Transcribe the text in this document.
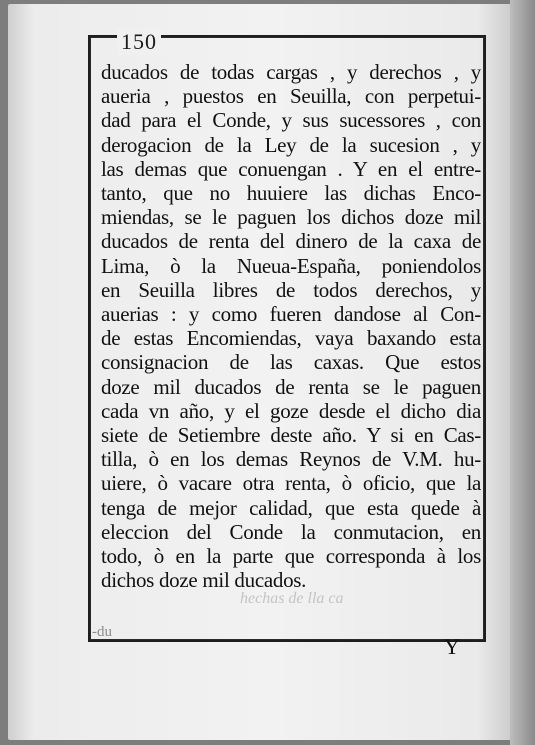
150
ducados de todas cargas , y derechos , y
aueria , puestos en Seuilla, con perpetui-
dad para el Conde, y sus sucessores , con
derogacion de la Ley de la sucesion , y
las demas que conuengan . Y en el entre-
tanto, que no huuiere las dichas Enco-
miendas, se le paguen los dichos doze mil
ducados de renta del dinero de la caxa de
Lima, ò la Nueua-España, poniendolos
en Seuilla libres de todos derechos, y
auerias : y como fueren dandose al Con-
de estas Encomiendas, vaya baxando esta
consignacion de las caxas. Que estos
doze mil ducados de renta se le paguen
cada vn año, y el goze desde el dicho dia
siete de Setiembre deste año. Y si en Cas-
tilla, ò en los demas Reynos de V.M. hu-
uiere, ò vacare otra renta, ò oficio, que la
tenga de mejor calidad, que esta quede à
eleccion del Conde la conmutacion, en
todo, ò en la parte que corresponda à los
dichos doze mil ducados.
hechas de lla ca
-du
Y
